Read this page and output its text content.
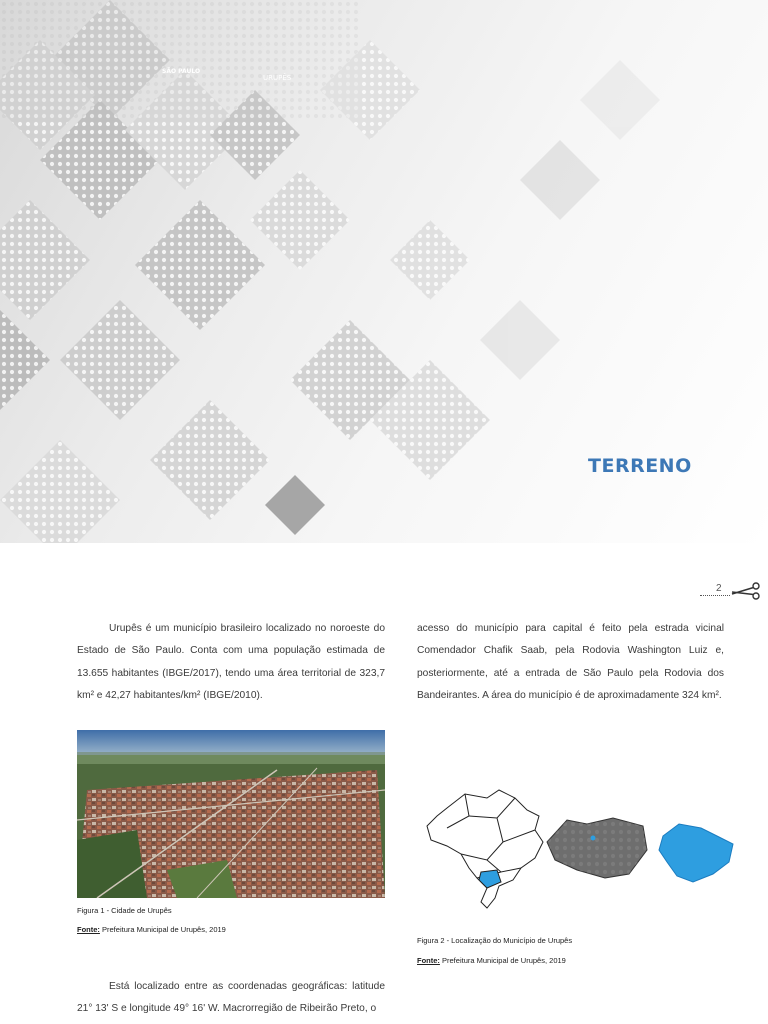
TERRENO
2

Urupês é um município brasileiro localizado no noroeste do Estado de São Paulo. Conta com uma população estimada de 13.655 habitantes (IBGE/2017), tendo uma área territorial de 323,7 km² e 42,27 habitantes/km² (IBGE/2010).

acesso do município para capital é feito pela estrada vicinal Comendador Chafik Saab, pela Rodovia Washington Luiz e, posteriormente, até a entrada de São Paulo pela Rodovia dos Bandeirantes. A área do município é de aproximadamente 324 km².

Figura 1 - Cidade de Urupês
Fonte: Prefeitura Municipal de Urupês, 2019
SÃO PAULO
URUPÊS
Figura 2 - Localização do Município de Urupês
Fonte: Prefeitura Municipal de Urupês, 2019

Está localizado entre as coordenadas geográficas: latitude 21° 13' S e longitude 49° 16' W. Macrorregião de Ribeirão Preto, o
